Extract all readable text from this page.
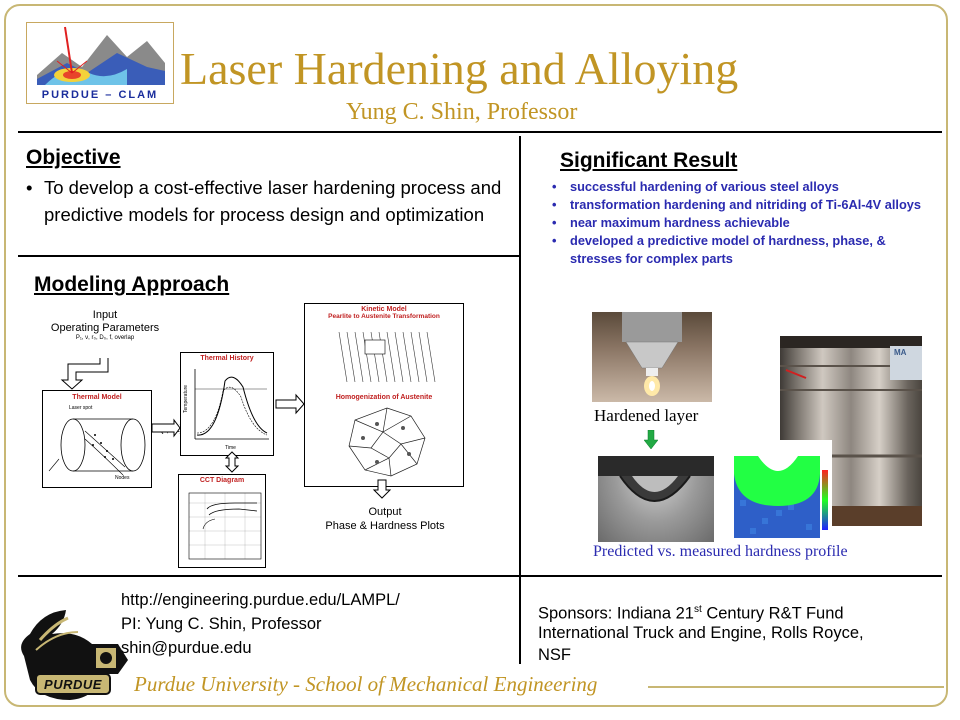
PURDUE – CLAM
Laser Hardening and Alloying
Yung C. Shin, Professor
Objective
• To develop a cost-effective laser hardening process and predictive models for process design and optimization
Significant Result
• successful hardening of various steel alloys
• transformation hardening and nitriding of Ti-6Al-4V alloys
• near maximum hardness achievable
• developed a predictive model of hardness, phase, & stresses for complex parts
Modeling Approach
Input
Operating Parameters
P₁, ν, r₀, D₀, f, overlap
Thermal Model
Laser spot
Nodes
Thermal History
Temperature
Time
CCT Diagram
Kinetic Model
Pearlite to Austenite Transformation
Homogenization of Austenite
Output
Phase & Hardness Plots
Hardened layer
MA
Predicted vs. measured hardness profile
http://engineering.purdue.edu/LAMPL/
PI: Yung C. Shin, Professor
shin@purdue.edu
Sponsors: Indiana 21st Century R&T Fund
International Truck and Engine, Rolls Royce,
NSF
PURDUE	Purdue University - School of Mechanical Engineering
